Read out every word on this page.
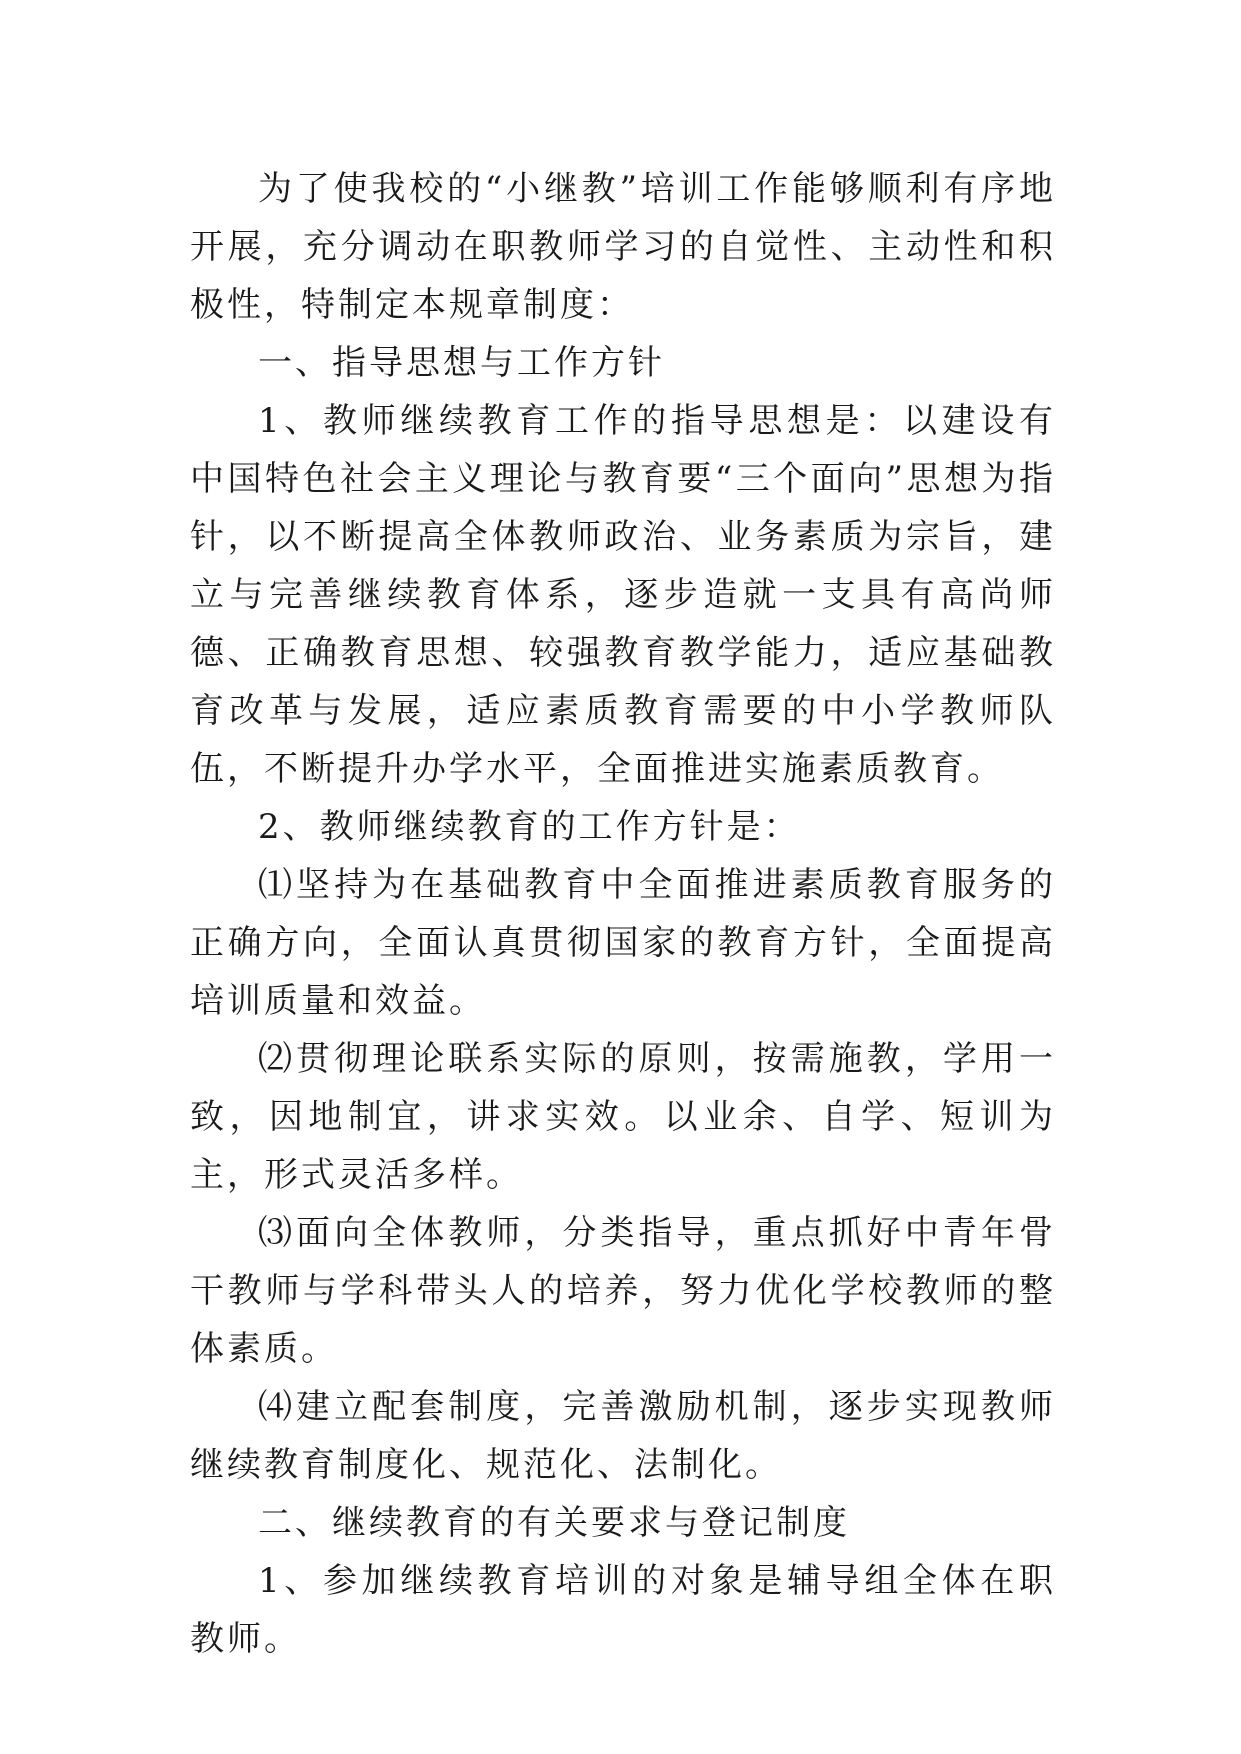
为了使我校的“小继教”培训工作能够顺利有序地开展，充分调动在职教师学习的自觉性、主动性和积极性，特制定本规章制度：

一、指导思想与工作方针

1、教师继续教育工作的指导思想是：以建设有中国特色社会主义理论与教育要“三个面向”思想为指针，以不断提高全体教师政治、业务素质为宗旨，建立与完善继续教育体系，逐步造就一支具有高尚师德、正确教育思想、较强教育教学能力，适应基础教育改革与发展，适应素质教育需要的中小学教师队伍，不断提升办学水平，全面推进实施素质教育。

2、教师继续教育的工作方针是：

⑴坚持为在基础教育中全面推进素质教育服务的正确方向，全面认真贯彻国家的教育方针，全面提高培训质量和效益。

⑵贯彻理论联系实际的原则，按需施教，学用一致，因地制宜，讲求实效。以业余、自学、短训为主，形式灵活多样。

⑶面向全体教师，分类指导，重点抓好中青年骨干教师与学科带头人的培养，努力优化学校教师的整体素质。

⑷建立配套制度，完善激励机制，逐步实现教师继续教育制度化、规范化、法制化。

二、继续教育的有关要求与登记制度

1、参加继续教育培训的对象是辅导组全体在职教师。
